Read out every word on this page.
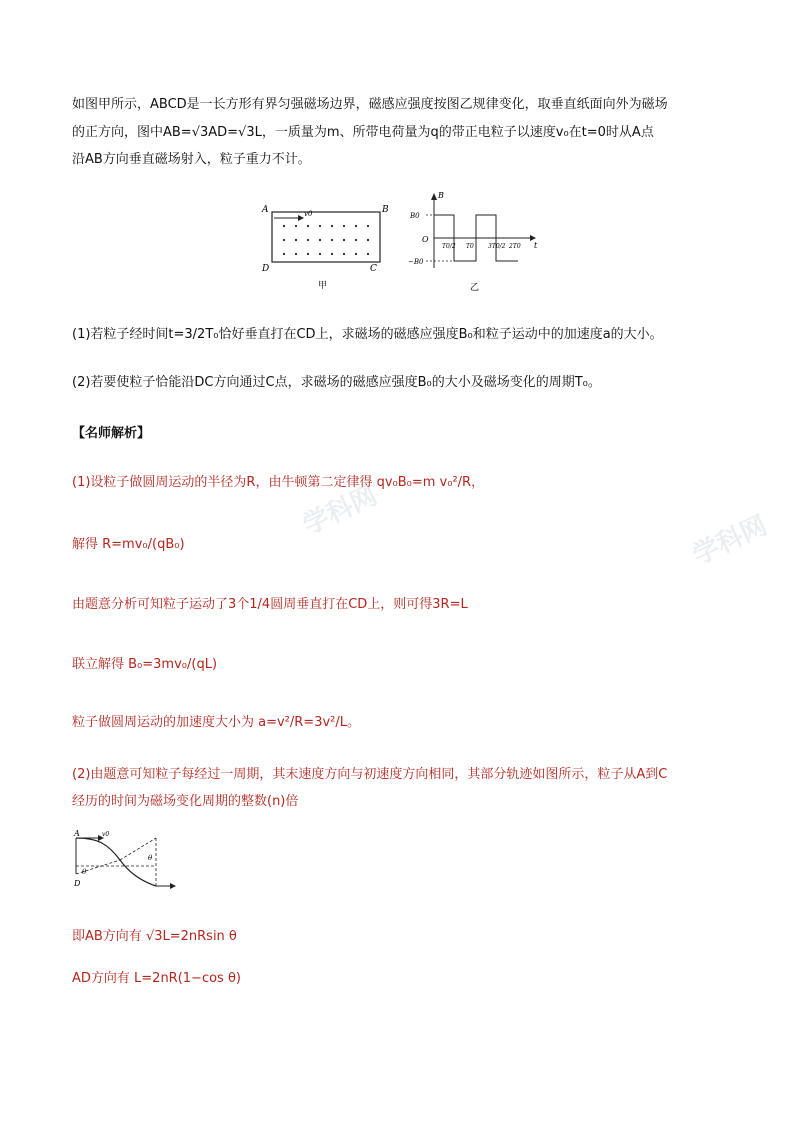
学科网	学科网
如图甲所示，ABCD是一长方形有界匀强磁场边界，磁感应强度按图乙规律变化，取垂直纸面向外为磁场
的正方向，图中AB=√3AD=√3L，一质量为m、所带电荷量为q的带正电粒子以速度v₀在t=0时从A点
沿AB方向垂直磁场射入，粒子重力不计。
A	B
D	C
v0
甲
B
t
O
B0
−B0
T0/2 T0 3T0/2 2T0
乙
(1)若粒子经时间t=3/2T₀恰好垂直打在CD上，求磁场的磁感应强度B₀和粒子运动中的加速度a的大小。
(2)若要使粒子恰能沿DC方向通过C点，求磁场的磁感应强度B₀的大小及磁场变化的周期T₀。
【名师解析】
(1)设粒子做圆周运动的半径为R，由牛顿第二定律得 qv₀B₀=m v₀²/R，
解得 R=mv₀/(qB₀)
由题意分析可知粒子运动了3个1/4圆周垂直打在CD上，则可得3R=L
联立解得 B₀=3mv₀/(qL)
粒子做圆周运动的加速度大小为 a=v²/R=3v²/L。
(2)由题意可知粒子每经过一周期，其末速度方向与初速度方向相同，其部分轨迹如图所示，粒子从A到C
经历的时间为磁场变化周期的整数(n)倍
A
D
v0
θ
θ
即AB方向有 √3L=2nRsin θ
AD方向有 L=2nR(1−cos θ)
